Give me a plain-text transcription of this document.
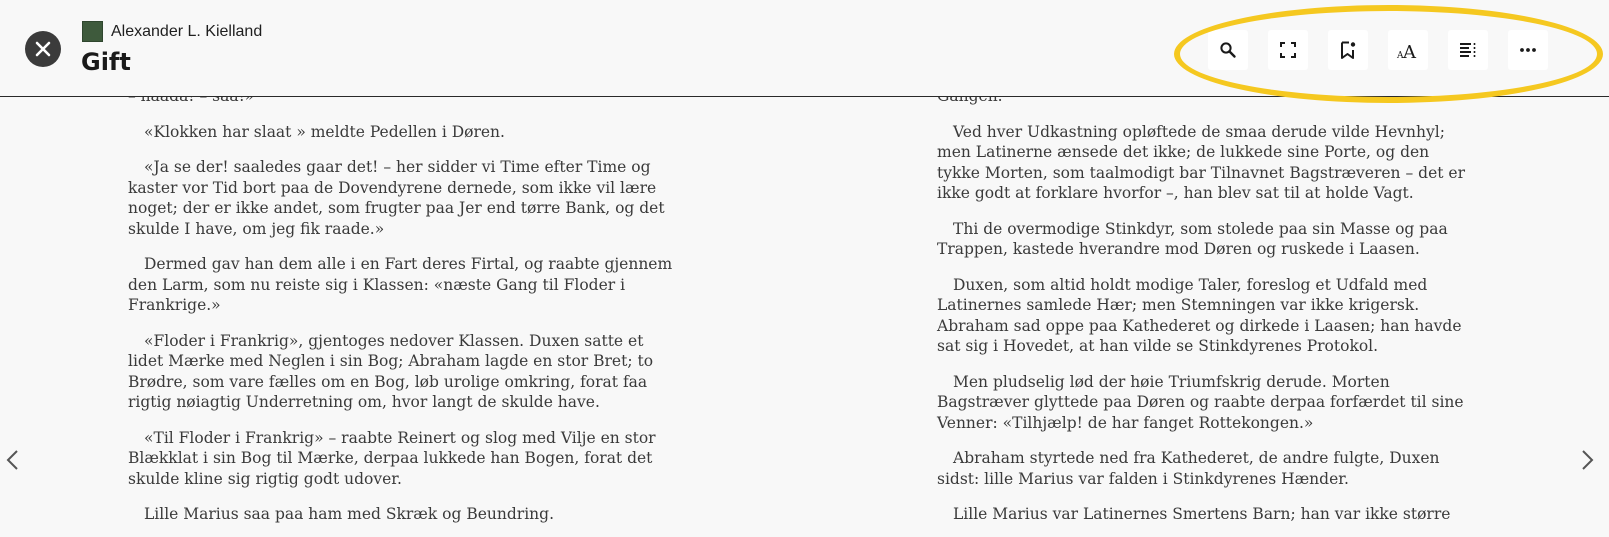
Alexander L. Kielland
Gift	A A

«Klokken har slaat » meldte Pedellen i Døren.

«Ja se der! saaledes gaar det! – her sidder vi Time efter Time og kaster vor Tid bort paa de Dovendyrene dernede, som ikke vil lære noget; der er ikke andet, som frugter paa Jer end tørre Bank, og det skulde I have, om jeg fik raade.»

Dermed gav han dem alle i en Fart deres Firtal, og raabte gjennem den Larm, som nu reiste sig i Klassen: «næste Gang til Floder i Frankrige.»

«Floder i Frankrig», gjentoges nedover Klassen. Duxen satte et lidet Mærke med Neglen i sin Bog; Abraham lagde en stor Bret; to Brødre, som vare fælles om en Bog, løb urolige omkring, forat faa rigtig nøiagtig Underretning om, hvor langt de skulde have.

«Til Floder i Frankrig» – raabte Reinert og slog med Vilje en stor Blækklat i sin Bog til Mærke, derpaa lukkede han Bogen, forat det skulde kline sig rigtig godt udover.

Lille Marius saa paa ham med Skræk og Beundring.

Ved hver Udkastning opløftede de smaa derude vilde Hevnhyl; men Latinerne ænsede det ikke; de lukkede sine Porte, og den tykke Morten, som taalmodigt bar Tilnavnet Bagstræveren – det er ikke godt at forklare hvorfor –, han blev sat til at holde Vagt.

Thi de overmodige Stinkdyr, som stolede paa sin Masse og paa Trappen, kastede hverandre mod Døren og ruskede i Laasen.

Duxen, som altid holdt modige Taler, foreslog et Udfald med Latinernes samlede Hær; men Stemningen var ikke krigersk. Abraham sad oppe paa Kathederet og dirkede i Laasen; han havde sat sig i Hovedet, at han vilde se Stinkdyrenes Protokol.

Men pludselig lød der høie Triumfskrig derude. Morten Bagstræver glyttede paa Døren og raabte derpaa forfærdet til sine Venner: «Tilhjælp! de har fanget Rottekongen.»

Abraham styrtede ned fra Kathederet, de andre fulgte, Duxen sidst: lille Marius var falden i Stinkdyrenes Hænder.

Lille Marius var Latinernes Smertens Barn; han var ikke større
